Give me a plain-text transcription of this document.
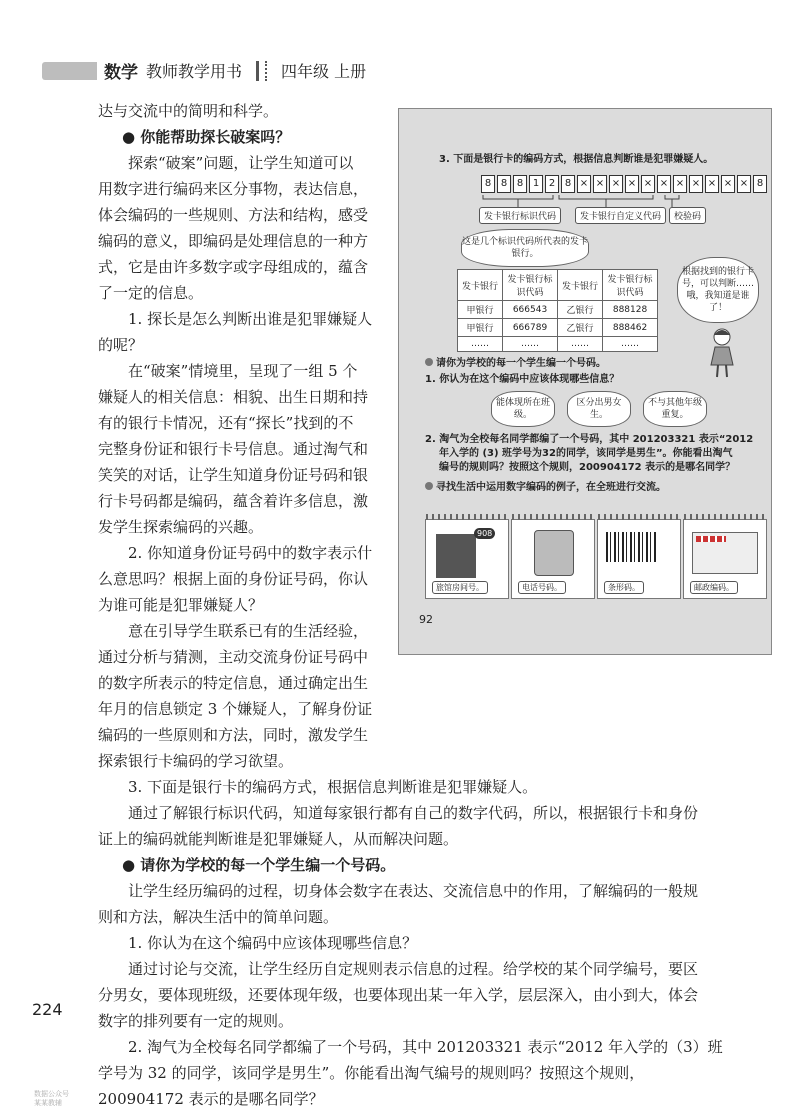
数学 教师教学用书 四年级 上册
达与交流中的简明和科学。
● 你能帮助探长破案吗？
探索“破案”问题，让学生知道可以
用数字进行编码来区分事物，表达信息，
体会编码的一些规则、方法和结构，感受
编码的意义，即编码是处理信息的一种方
式，它是由许多数字或字母组成的，蕴含
了一定的信息。
1. 探长是怎么判断出谁是犯罪嫌疑人
的呢？
在“破案”情境里，呈现了一组 5 个
嫌疑人的相关信息：相貌、出生日期和持
有的银行卡情况，还有“探长”找到的不
完整身份证和银行卡号信息。通过淘气和
笑笑的对话，让学生知道身份证号码和银
行卡号码都是编码，蕴含着许多信息，激
发学生探索编码的兴趣。
2. 你知道身份证号码中的数字表示什
么意思吗？根据上面的身份证号码，你认
为谁可能是犯罪嫌疑人？
意在引导学生联系已有的生活经验，
通过分析与猜测，主动交流身份证号码中
的数字所表示的特定信息，通过确定出生
年月的信息锁定 3 个嫌疑人，了解身份证
编码的一些原则和方法，同时，激发学生
探索银行卡编码的学习欲望。
3. 下面是银行卡的编码方式，根据信息判断谁是犯罪嫌疑人。
通过了解银行标识代码，知道每家银行都有自己的数字代码，所以，根据银行卡和身份
证上的编码就能判断谁是犯罪嫌疑人，从而解决问题。
● 请你为学校的每一个学生编一个号码。
让学生经历编码的过程，切身体会数字在表达、交流信息中的作用，了解编码的一般规
则和方法，解决生活中的简单问题。
1. 你认为在这个编码中应该体现哪些信息？
通过讨论与交流，让学生经历自定规则表示信息的过程。给学校的某个同学编号，要区
分男女，要体现班级，还要体现年级，也要体现出某一年入学，层层深入，由小到大，体会
数字的排列要有一定的规则。
2. 淘气为全校每名同学都编了一个号码，其中 201203321 表示“2012 年入学的（3）班
学号为 32 的同学，该同学是男生”。你能看出淘气编号的规则吗？按照这个规则，
200904172 表示的是哪名同学？
224
3. 下面是银行卡的编码方式，根据信息判断谁是犯罪嫌疑人。
8 8 8 1 2 8 × × × × × × × × × × × 8
发卡银行标识代码	发卡银行自定义代码	校验码
这是几个标识代码所代表的发卡银行。
发卡银行	发卡银行标识代码	发卡银行	发卡银行标识代码
甲银行	666543	乙银行	888128
甲银行	666789	乙银行	888462
……	……	……	……
根据找到的银行卡号，可以判断……哦，我知道是谁了！
请你为学校的每一个学生编一个号码。
1. 你认为在这个编码中应该体现哪些信息？
能体现所在班级。
区分出男女生。
不与其他年级重复。
2. 淘气为全校每名同学都编了一个号码，其中 201203321 表示“2012
年入学的 (3) 班学号为32的同学，该同学是男生”。你能看出淘气
编号的规则吗？按照这个规则，200904172 表示的是哪名同学？
寻找生活中运用数字编码的例子，在全班进行交流。
908
旅馆房间号。	电话号码。	条形码。	邮政编码。
92
数据公众号
某某教辅
